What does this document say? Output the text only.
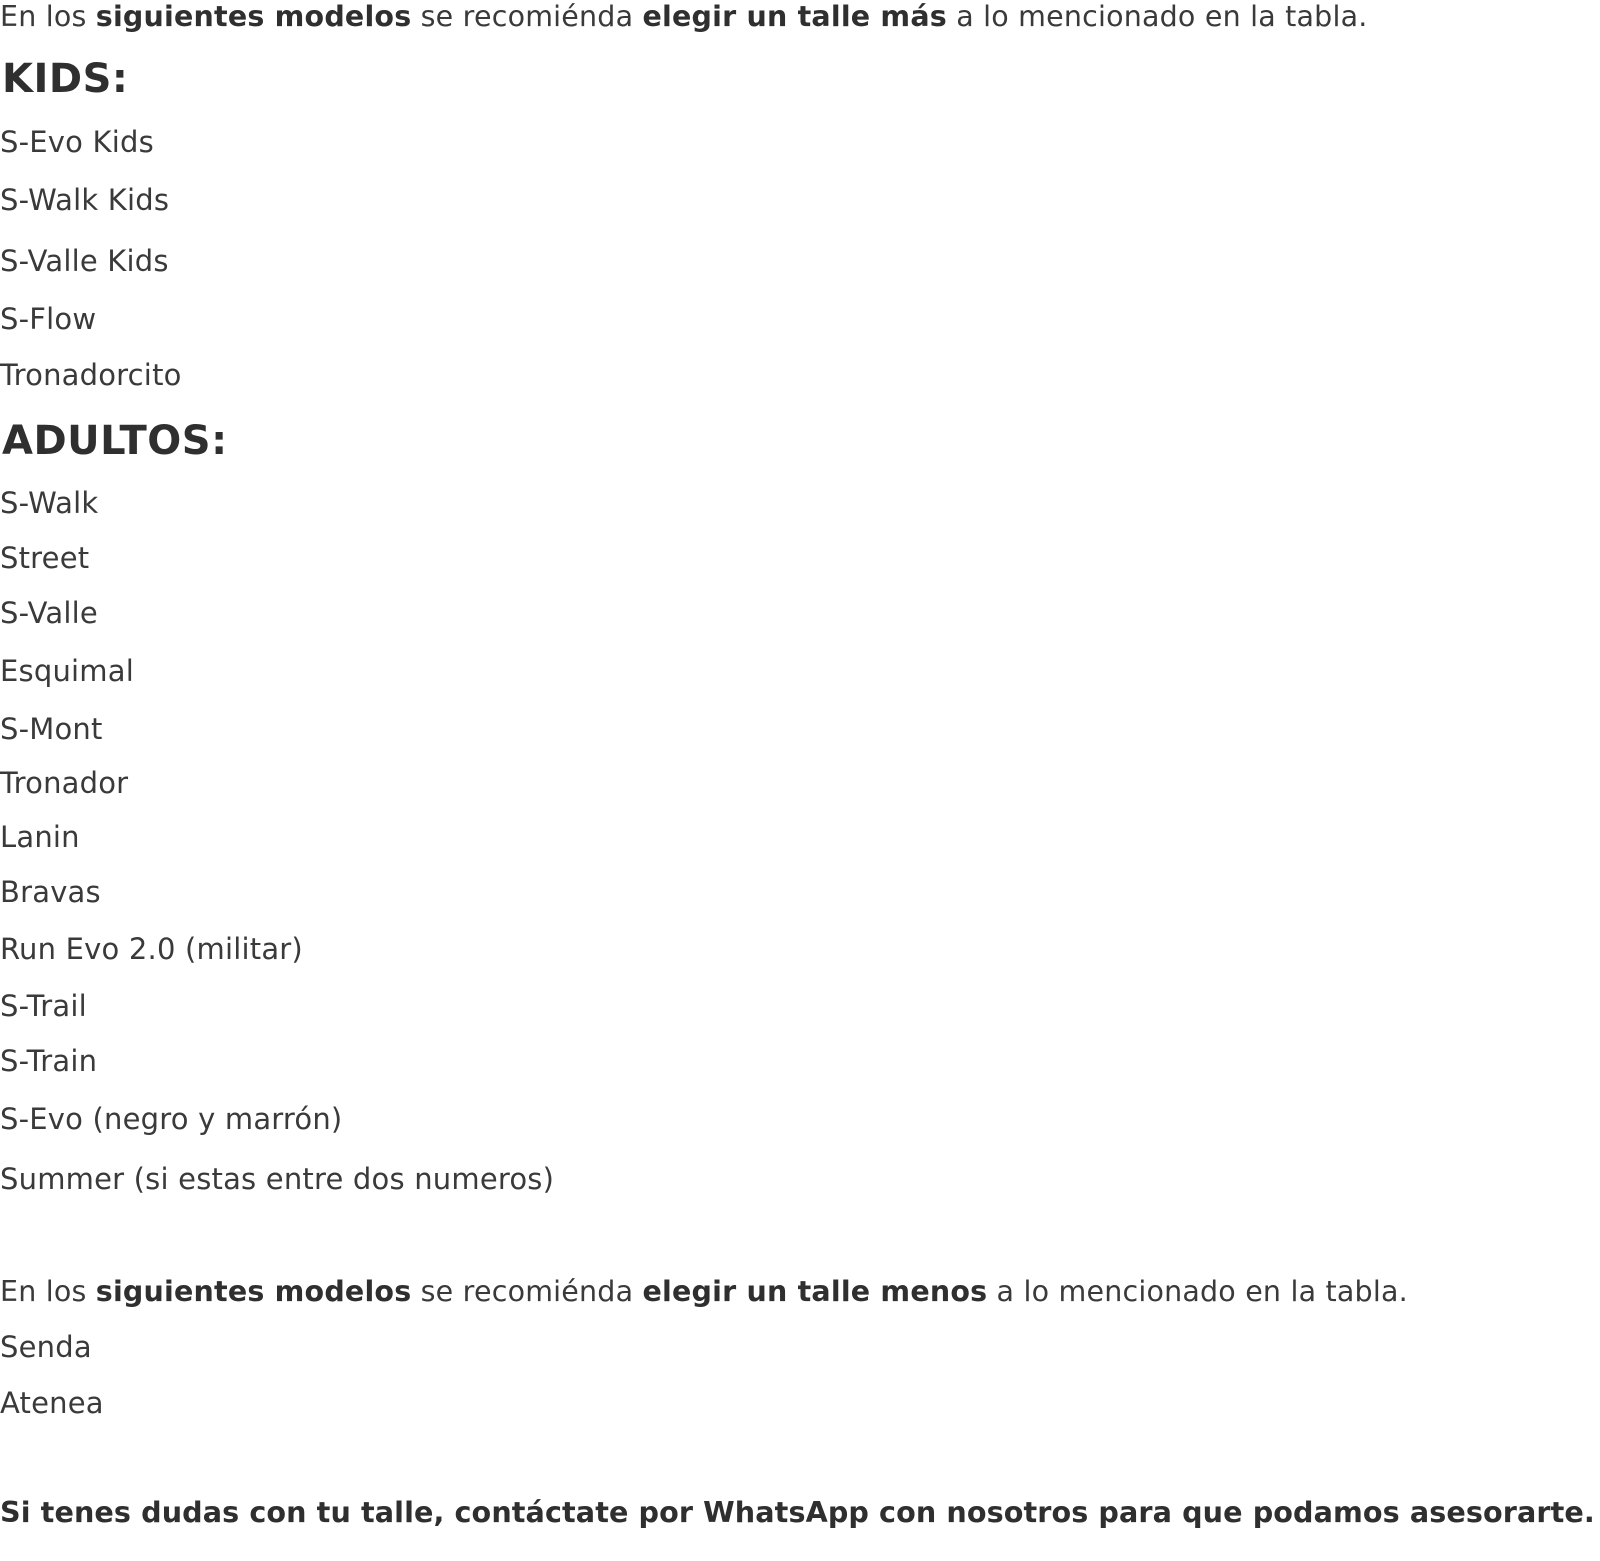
En los siguientes modelos se recomiénda elegir un talle más a lo mencionado en la tabla.
KIDS:
S-Evo Kids
S-Walk Kids
S-Valle Kids
S-Flow
Tronadorcito
ADULTOS:
S-Walk
Street
S-Valle
Esquimal
S-Mont
Tronador
Lanin
Bravas
Run Evo 2.0 (militar)
S-Trail
S-Train
S-Evo (negro y marrón)
Summer (si estas entre dos numeros)
En los siguientes modelos se recomiénda elegir un talle menos a lo mencionado en la tabla.
Senda
Atenea
Si tenes dudas con tu talle, contáctate por WhatsApp con nosotros para que podamos asesorarte.
